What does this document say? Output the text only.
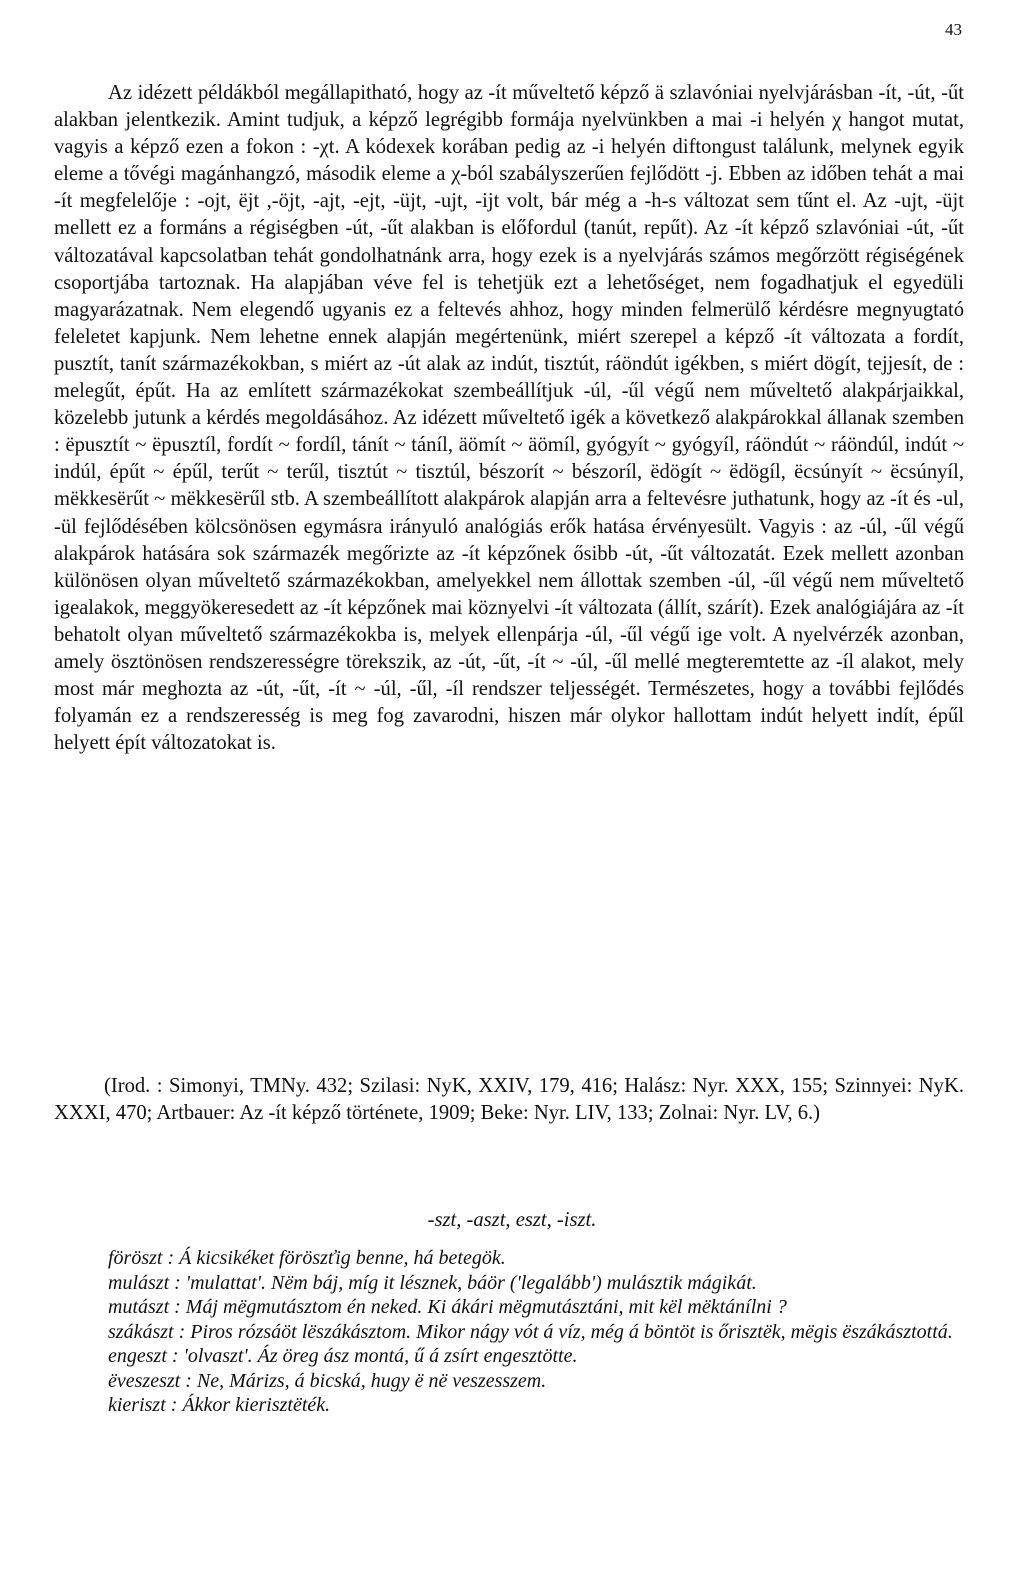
43

Az idézett példákból megállapitható, hogy az -ít műveltető képző ä szlavóniai nyelvjárásban -ít, -út, -űt alakban jelentkezik. Amint tudjuk, a képző legrégibb formája nyelvünkben a mai -i helyén χ hangot mutat, vagyis a képző ezen a fokon : -χt. A kódexek korában pedig az -i helyén diftongust találunk, melynek egyik eleme a tővégi magánhangzó, második eleme a χ-ból szabályszerűen fejlődött -j. Ebben az időben tehát a mai -ít megfelelője : -ojt, ëjt ,-öjt, -ajt, -ejt, -üjt, -ujt, -ijt volt, bár még a -h-s változat sem tűnt el. Az -ujt, -üjt mellett ez a formáns a régiségben -út, -űt alakban is előfordul (tanút, repűt). Az -ít képző szlavóniai -út, -űt változatával kapcsolatban tehát gondolhatnánk arra, hogy ezek is a nyelvjárás számos megőrzött régiségének csoportjába tartoznak. Ha alapjában véve fel is tehetjük ezt a lehetőséget, nem fogadhatjuk el egyedüli magyarázatnak. Nem elegendő ugyanis ez a feltevés ahhoz, hogy minden felmerülő kérdésre megnyugtató feleletet kapjunk. Nem lehetne ennek alapján megértenünk, miért szerepel a képző -ít változata a fordít, pusztít, tanít származékokban, s miért az -út alak az indút, tisztút, ráöndút igékben, s miért dögít, tejjesít, de : melegűt, épűt. Ha az említett származékokat szembeállítjuk -úl, -űl végű nem műveltető alakpárjaikkal, közelebb jutunk a kérdés megoldásához. Az idézett műveltető igék a következő alakpárokkal állanak szemben : ëpusztít ~ ëpusztíl, fordít ~ fordíl, tánít ~ táníl, äömít ~ äömíl, gyógyít ~ gyógyíl, ráöndút ~ ráöndúl, indút ~ indúl, épűt ~ épűl, terűt ~ terűl, tisztút ~ tisztúl, bészorít ~ bészoríl, ëdögít ~ ëdögíl, ëcsúnyít ~ ëcsúnyíl, mëkkesërűt ~ mëkkesërűl stb. A szembeállított alakpárok alapján arra a feltevésre juthatunk, hogy az -ít és -ul, -ül fejlődésében kölcsönösen egymásra irányuló analógiás erők hatása érvényesült. Vagyis : az -úl, -űl végű alakpárok hatására sok származék megőrizte az -ít képzőnek ősibb -út, -űt változatát. Ezek mellett azonban különösen olyan műveltető származékokban, amelyekkel nem állottak szemben -úl, -űl végű nem műveltető igealakok, meggyökeresedett az -ít képzőnek mai köznyelvi -ít változata (állít, szárít). Ezek analógiájára az -ít behatolt olyan műveltető származékokba is, melyek ellenpárja -úl, -űl végű ige volt. A nyelvérzék azonban, amely ösztönösen rendszerességre törekszik, az -út, -űt, -ít ~ -úl, -űl mellé megteremtette az -íl alakot, mely most már meghozta az -út, -űt, -ít ~ -úl, -űl, -íl rendszer teljességét. Természetes, hogy a további fejlődés folyamán ez a rendszeresség is meg fog zavarodni, hiszen már olykor hallottam indút helyett indít, épűl helyett épít változatokat is.

(Irod. : Simonyi, TMNy. 432; Szilasi: NyK, XXIV, 179, 416; Halász: Nyr. XXX, 155; Szinnyei: NyK. XXXI, 470; Artbauer: Az -ít képző története, 1909; Beke: Nyr. LIV, 133; Zolnai: Nyr. LV, 6.)

-szt, -aszt, eszt, -iszt.

föröszt : Á kicsikéket föröszťig benne, há betegök.

mulászt : 'mulattat'. Nëm báj, míg it lésznek, báör ('legalább') mulásztik mágikát.

mutászt : Máj mëgmutásztom én neked. Ki ákári mëgmutásztáni, mit kël mëktánílni ?

szákászt : Piros rózsáöt lëszákásztom. Mikor nágy vót á víz, még á böntöt is őrisztëk, mëgis ëszákásztottá.

engeszt : 'olvaszt'. Áz öreg ász montá, ű á zsírt engesztötte.

ëveszeszt : Ne, Márizs, á bicská, hugy ë në veszesszem.

kieriszt : Ákkor kierisztëték.
